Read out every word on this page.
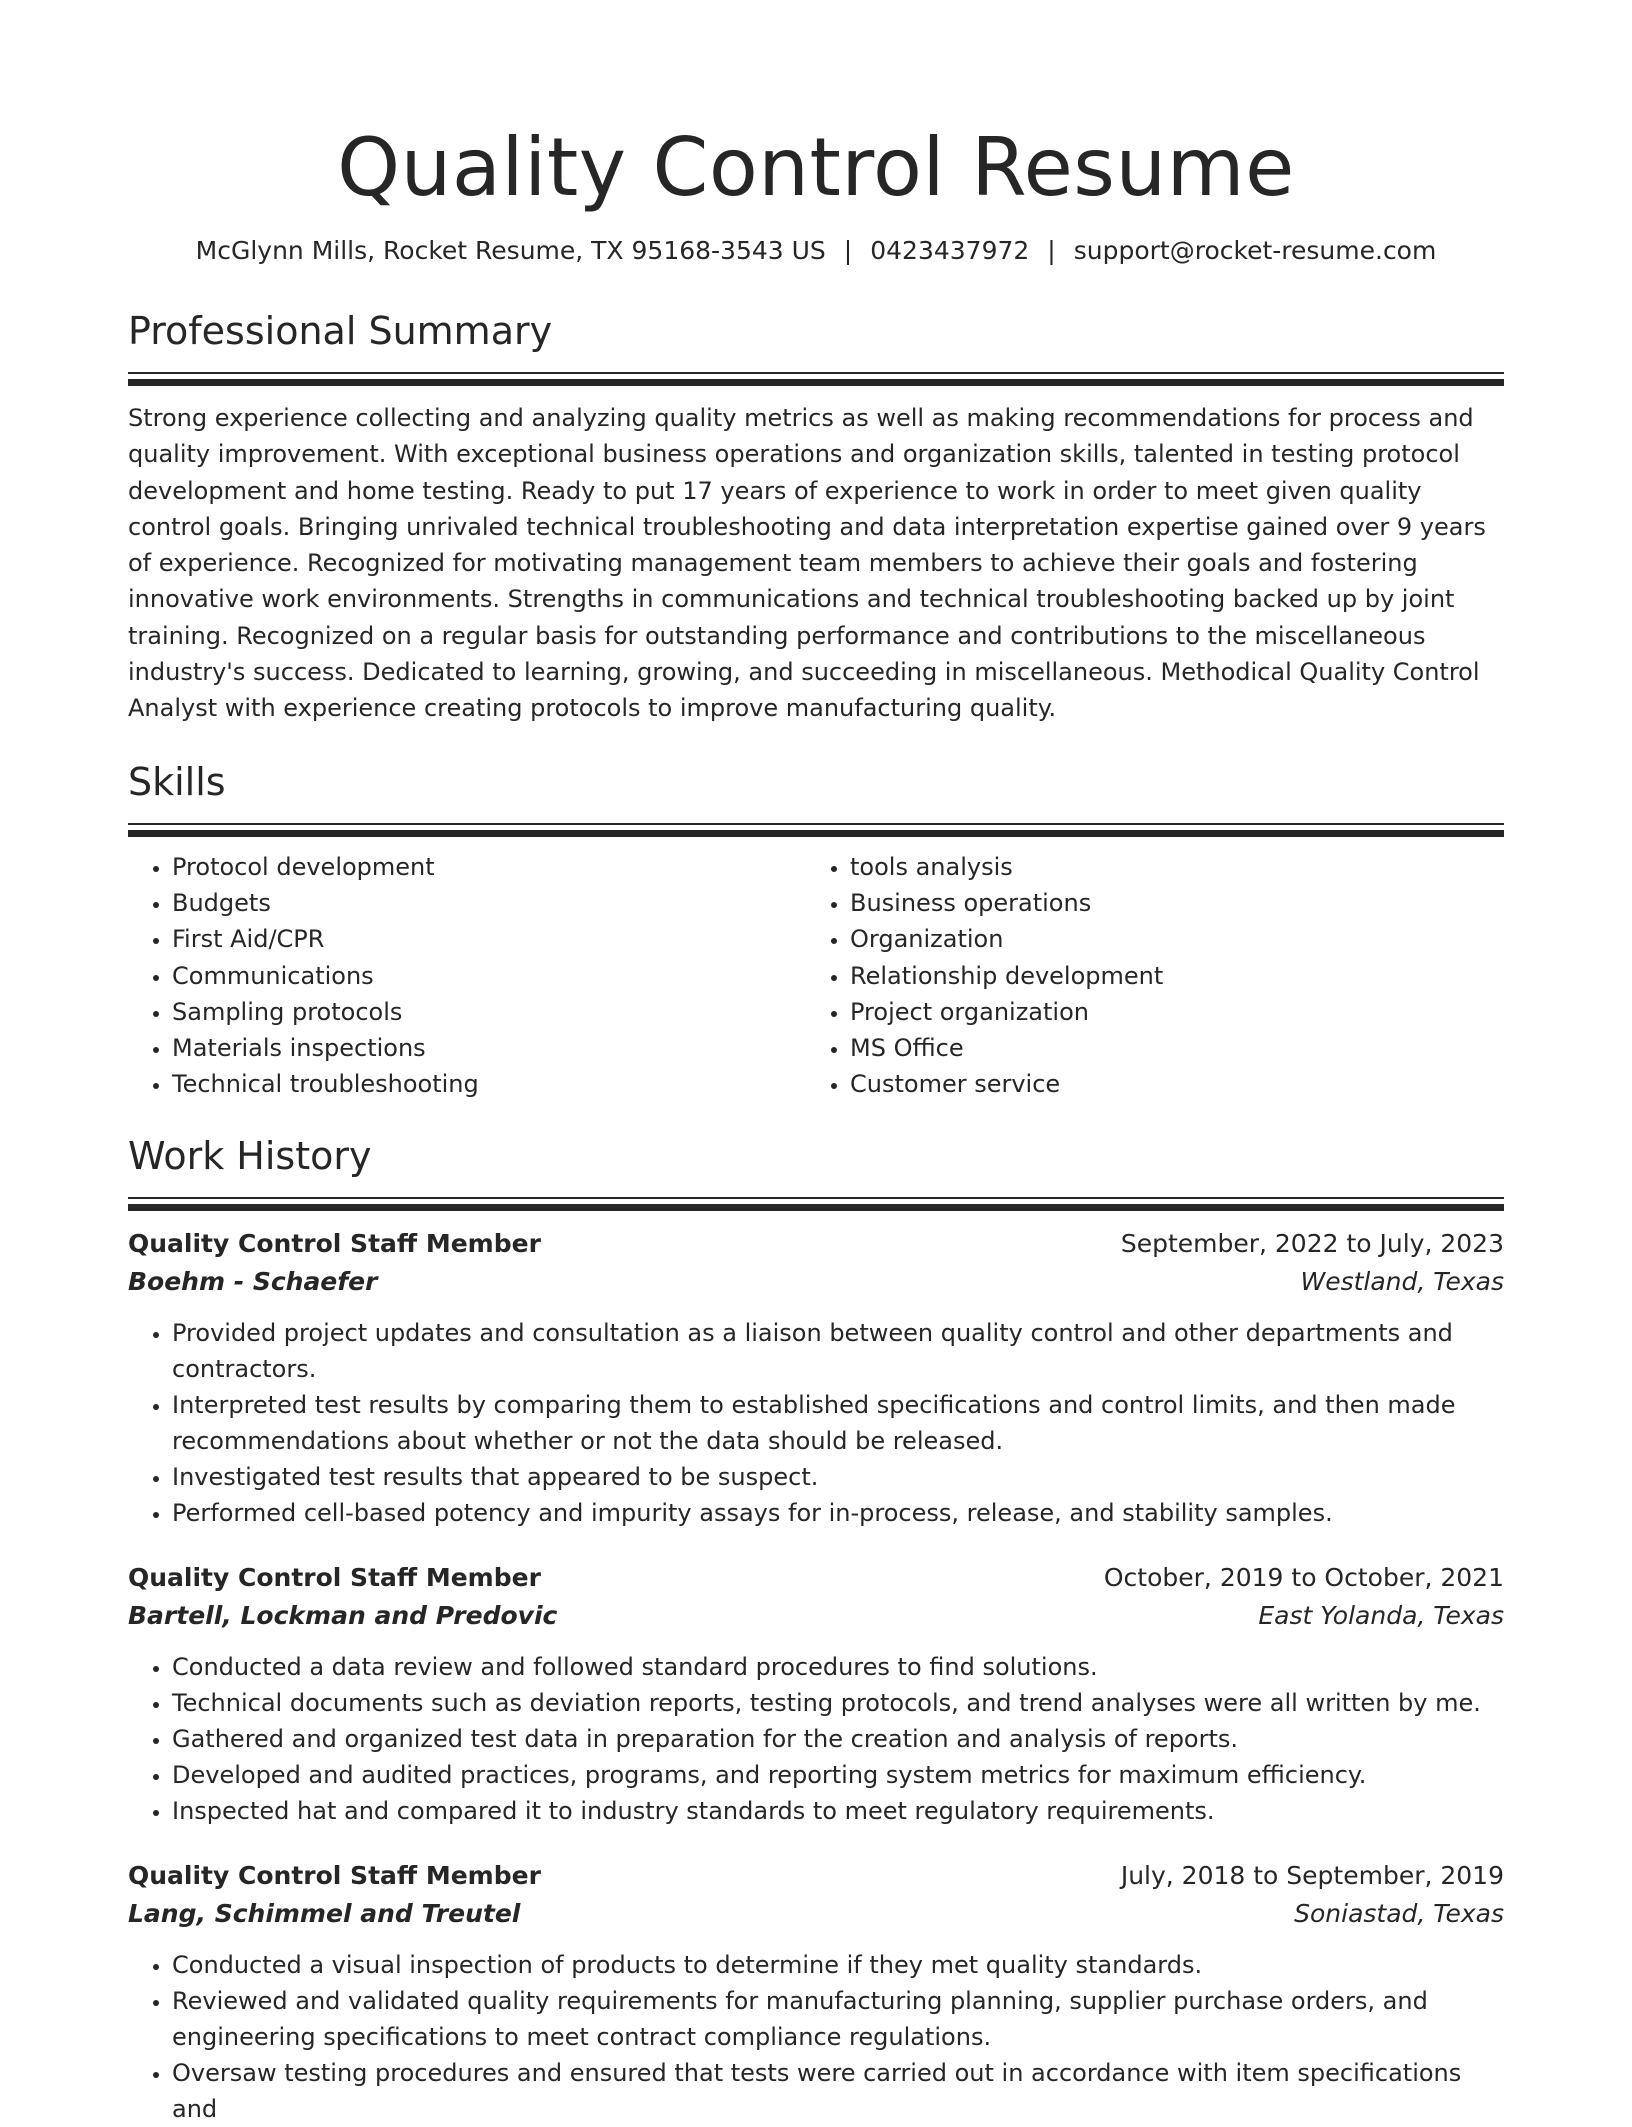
Quality Control Resume
McGlynn Mills, Rocket Resume, TX 95168-3543 US | 0423437972 | support@rocket-resume.com
Professional Summary

Strong experience collecting and analyzing quality metrics as well as making recommendations for process and quality improvement. With exceptional business operations and organization skills, talented in testing protocol development and home testing. Ready to put 17 years of experience to work in order to meet given quality control goals. Bringing unrivaled technical troubleshooting and data interpretation expertise gained over 9 years of experience. Recognized for motivating management team members to achieve their goals and fostering innovative work environments. Strengths in communications and technical troubleshooting backed up by joint training. Recognized on a regular basis for outstanding performance and contributions to the miscellaneous industry's success. Dedicated to learning, growing, and succeeding in miscellaneous. Methodical Quality Control Analyst with experience creating protocols to improve manufacturing quality.

Skills
• Protocol development
• Budgets
• First Aid/CPR
• Communications
• Sampling protocols
• Materials inspections
• Technical troubleshooting
• tools analysis
• Business operations
• Organization
• Relationship development
• Project organization
• MS Office
• Customer service
Work History
Quality Control Staff Member	September, 2022 to July, 2023
Boehm - Schaefer	Westland, Texas
• Provided project updates and consultation as a liaison between quality control and other departments and contractors.
• Interpreted test results by comparing them to established specifications and control limits, and then made recommendations about whether or not the data should be released.
• Investigated test results that appeared to be suspect.
• Performed cell-based potency and impurity assays for in-process, release, and stability samples.
Quality Control Staff Member	October, 2019 to October, 2021
Bartell, Lockman and Predovic	East Yolanda, Texas
• Conducted a data review and followed standard procedures to find solutions.
• Technical documents such as deviation reports, testing protocols, and trend analyses were all written by me.
• Gathered and organized test data in preparation for the creation and analysis of reports.
• Developed and audited practices, programs, and reporting system metrics for maximum efficiency.
• Inspected hat and compared it to industry standards to meet regulatory requirements.
Quality Control Staff Member	July, 2018 to September, 2019
Lang, Schimmel and Treutel	Soniastad, Texas
• Conducted a visual inspection of products to determine if they met quality standards.
• Reviewed and validated quality requirements for manufacturing planning, supplier purchase orders, and engineering specifications to meet contract compliance regulations.
• Oversaw testing procedures and ensured that tests were carried out in accordance with item specifications and
